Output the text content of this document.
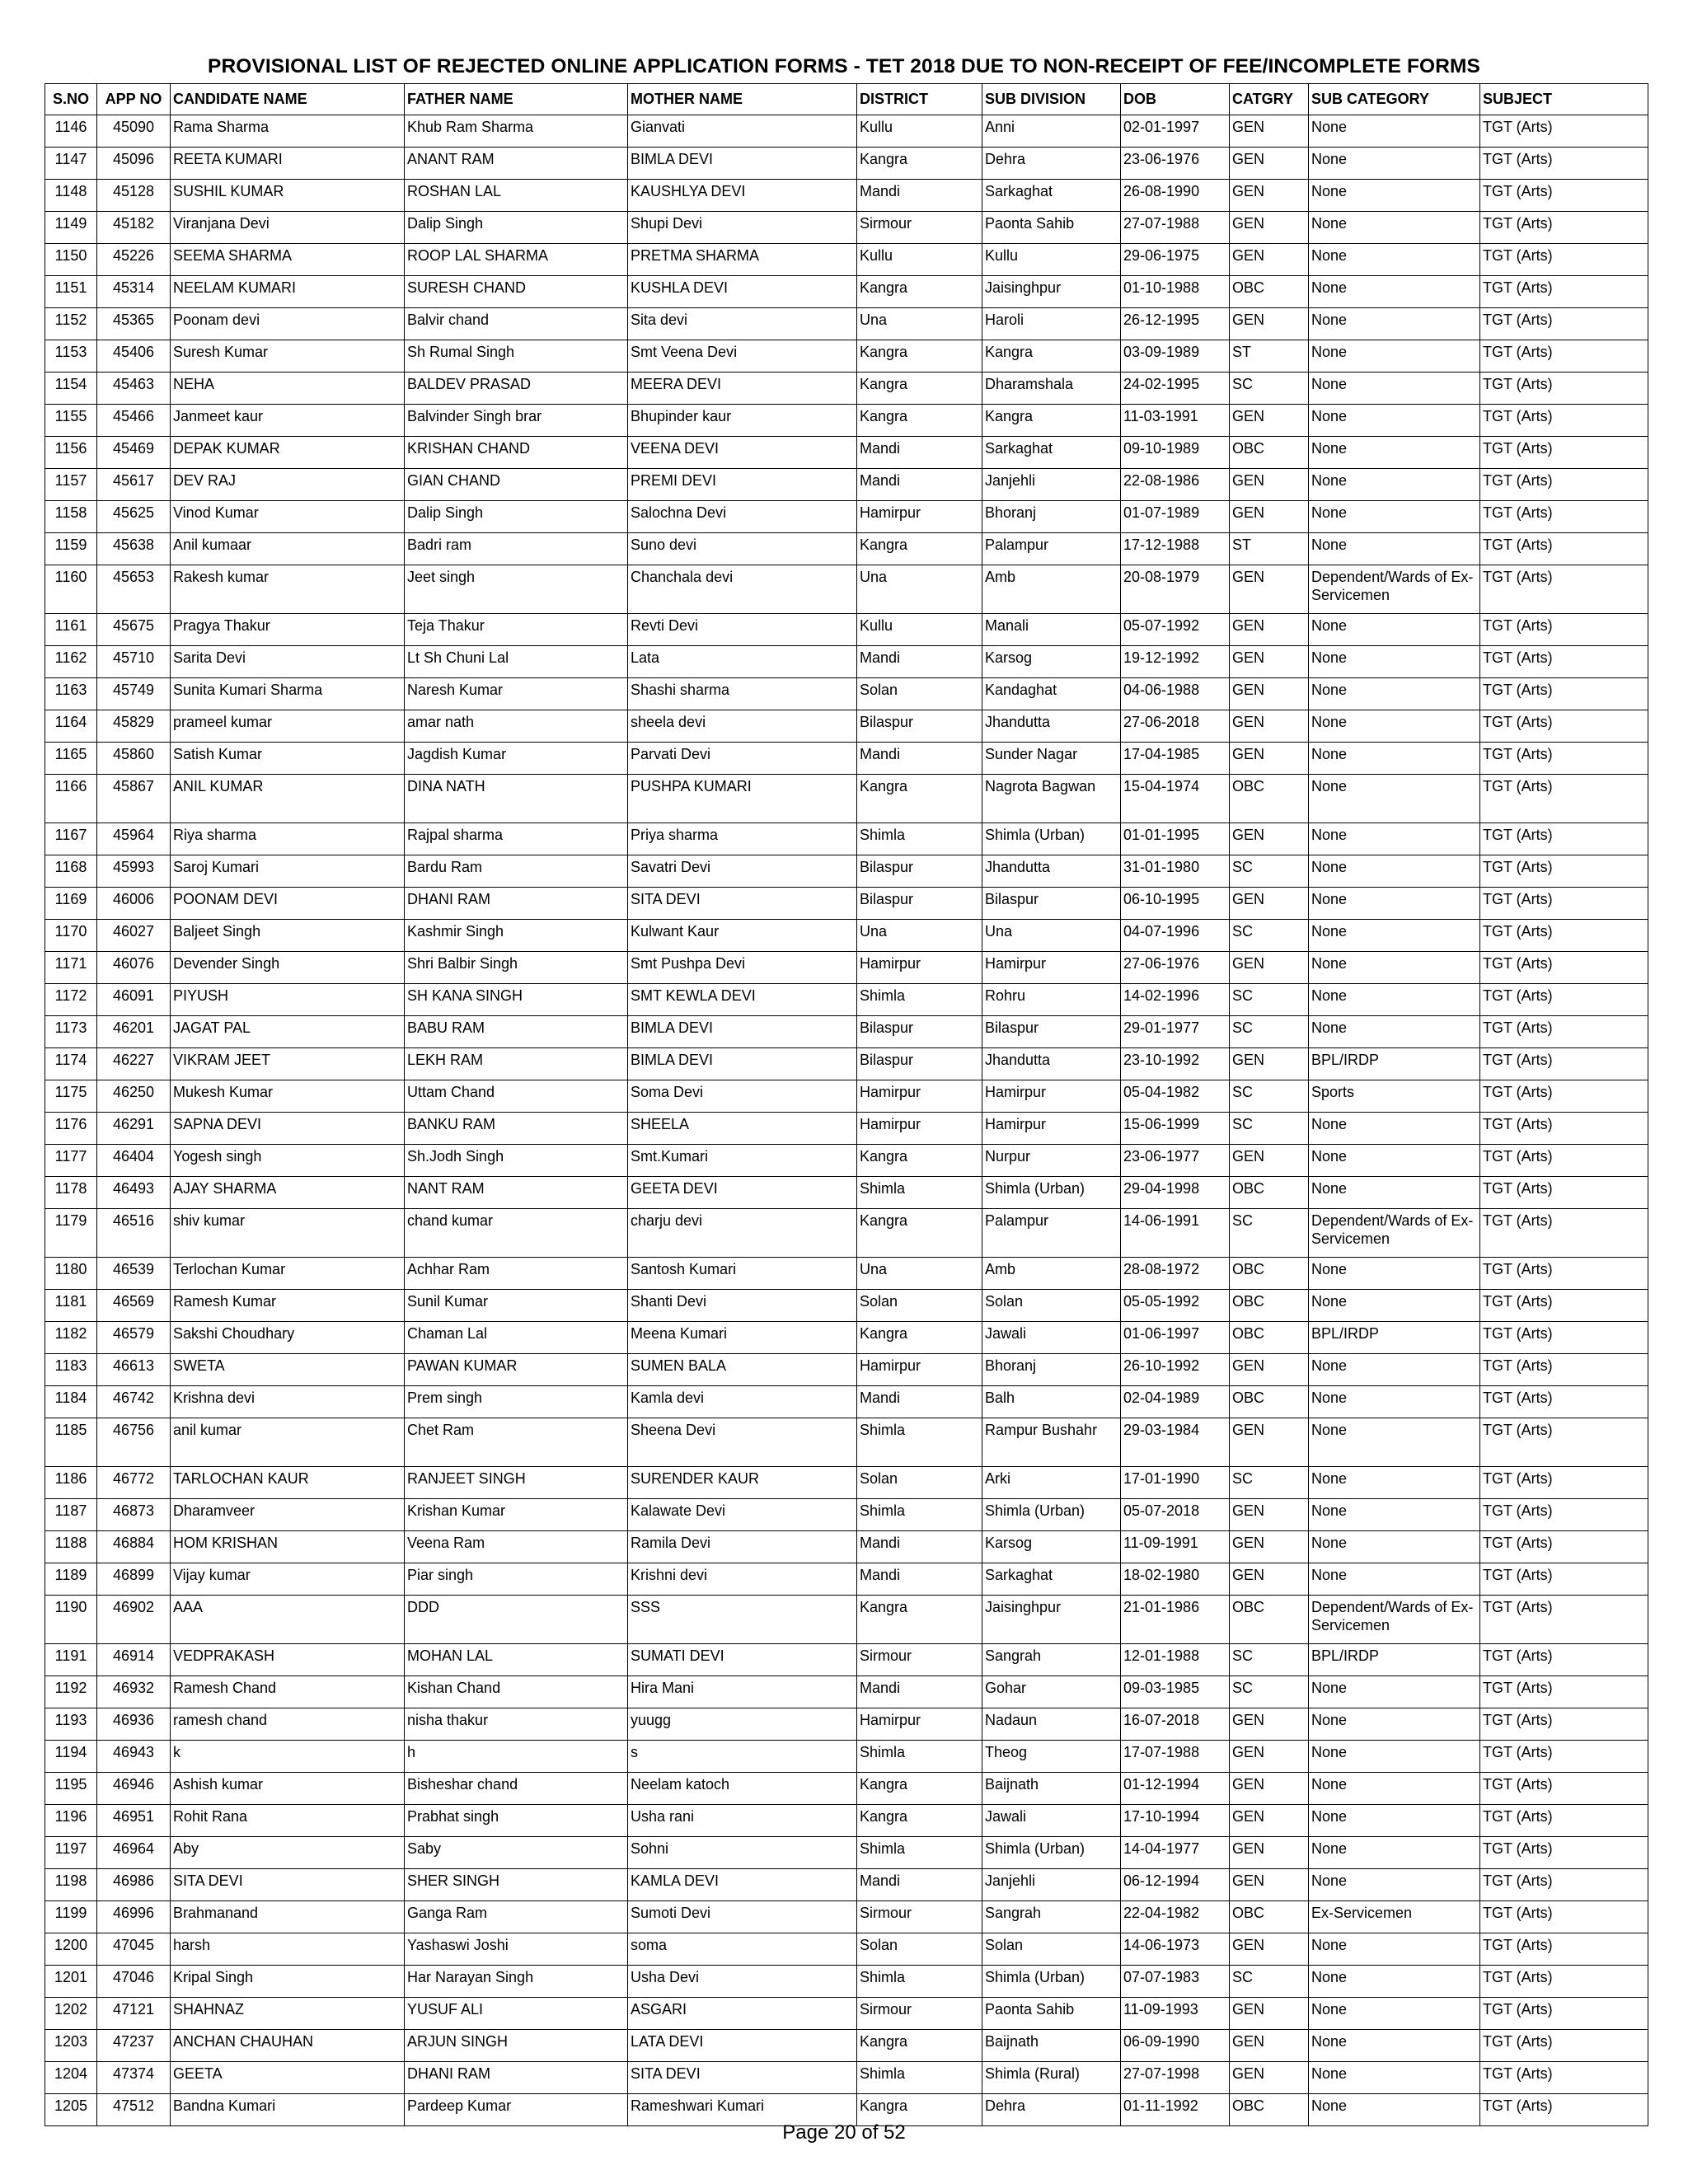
PROVISIONAL LIST OF REJECTED ONLINE APPLICATION FORMS - TET 2018 DUE TO NON-RECEIPT OF FEE/INCOMPLETE FORMS
S.NO	APP NO	CANDIDATE NAME	FATHER NAME	MOTHER NAME	DISTRICT	SUB DIVISION	DOB	CATGRY	SUB CATEGORY	SUBJECT
1146	45090	Rama Sharma	Khub Ram Sharma	Gianvati	Kullu	Anni	02-01-1997	GEN	None	TGT (Arts)
1147	45096	REETA KUMARI	ANANT RAM	BIMLA DEVI	Kangra	Dehra	23-06-1976	GEN	None	TGT (Arts)
1148	45128	SUSHIL KUMAR	ROSHAN LAL	KAUSHLYA DEVI	Mandi	Sarkaghat	26-08-1990	GEN	None	TGT (Arts)
1149	45182	Viranjana Devi	Dalip Singh	Shupi Devi	Sirmour	Paonta Sahib	27-07-1988	GEN	None	TGT (Arts)
1150	45226	SEEMA SHARMA	ROOP LAL SHARMA	PRETMA SHARMA	Kullu	Kullu	29-06-1975	GEN	None	TGT (Arts)
1151	45314	NEELAM KUMARI	SURESH CHAND	KUSHLA DEVI	Kangra	Jaisinghpur	01-10-1988	OBC	None	TGT (Arts)
1152	45365	Poonam devi	Balvir chand	Sita devi	Una	Haroli	26-12-1995	GEN	None	TGT (Arts)
1153	45406	Suresh Kumar	Sh Rumal Singh	Smt Veena Devi	Kangra	Kangra	03-09-1989	ST	None	TGT (Arts)
1154	45463	NEHA	BALDEV PRASAD	MEERA DEVI	Kangra	Dharamshala	24-02-1995	SC	None	TGT (Arts)
1155	45466	Janmeet kaur	Balvinder Singh brar	Bhupinder kaur	Kangra	Kangra	11-03-1991	GEN	None	TGT (Arts)
1156	45469	DEPAK KUMAR	KRISHAN CHAND	VEENA DEVI	Mandi	Sarkaghat	09-10-1989	OBC	None	TGT (Arts)
1157	45617	DEV RAJ	GIAN CHAND	PREMI DEVI	Mandi	Janjehli	22-08-1986	GEN	None	TGT (Arts)
1158	45625	Vinod Kumar	Dalip Singh	Salochna Devi	Hamirpur	Bhoranj	01-07-1989	GEN	None	TGT (Arts)
1159	45638	Anil kumaar	Badri ram	Suno devi	Kangra	Palampur	17-12-1988	ST	None	TGT (Arts)
1160	45653	Rakesh kumar	Jeet singh	Chanchala devi	Una	Amb	20-08-1979	GEN	Dependent/Wards of Ex-Servicemen	TGT (Arts)
1161	45675	Pragya Thakur	Teja Thakur	Revti Devi	Kullu	Manali	05-07-1992	GEN	None	TGT (Arts)
1162	45710	Sarita Devi	Lt Sh Chuni Lal	Lata	Mandi	Karsog	19-12-1992	GEN	None	TGT (Arts)
1163	45749	Sunita Kumari Sharma	Naresh Kumar	Shashi sharma	Solan	Kandaghat	04-06-1988	GEN	None	TGT (Arts)
1164	45829	prameel kumar	amar nath	sheela devi	Bilaspur	Jhandutta	27-06-2018	GEN	None	TGT (Arts)
1165	45860	Satish Kumar	Jagdish Kumar	Parvati Devi	Mandi	Sunder Nagar	17-04-1985	GEN	None	TGT (Arts)
1166	45867	ANIL KUMAR	DINA NATH	PUSHPA KUMARI	Kangra	Nagrota Bagwan	15-04-1974	OBC	None	TGT (Arts)
1167	45964	Riya sharma	Rajpal sharma	Priya sharma	Shimla	Shimla (Urban)	01-01-1995	GEN	None	TGT (Arts)
1168	45993	Saroj Kumari	Bardu Ram	Savatri Devi	Bilaspur	Jhandutta	31-01-1980	SC	None	TGT (Arts)
1169	46006	POONAM DEVI	DHANI RAM	SITA DEVI	Bilaspur	Bilaspur	06-10-1995	GEN	None	TGT (Arts)
1170	46027	Baljeet Singh	Kashmir Singh	Kulwant Kaur	Una	Una	04-07-1996	SC	None	TGT (Arts)
1171	46076	Devender Singh	Shri Balbir Singh	Smt Pushpa Devi	Hamirpur	Hamirpur	27-06-1976	GEN	None	TGT (Arts)
1172	46091	PIYUSH	SH KANA SINGH	SMT KEWLA DEVI	Shimla	Rohru	14-02-1996	SC	None	TGT (Arts)
1173	46201	JAGAT PAL	BABU RAM	BIMLA DEVI	Bilaspur	Bilaspur	29-01-1977	SC	None	TGT (Arts)
1174	46227	VIKRAM JEET	LEKH RAM	BIMLA DEVI	Bilaspur	Jhandutta	23-10-1992	GEN	BPL/IRDP	TGT (Arts)
1175	46250	Mukesh Kumar	Uttam Chand	Soma Devi	Hamirpur	Hamirpur	05-04-1982	SC	Sports	TGT (Arts)
1176	46291	SAPNA DEVI	BANKU RAM	SHEELA	Hamirpur	Hamirpur	15-06-1999	SC	None	TGT (Arts)
1177	46404	Yogesh singh	Sh.Jodh Singh	Smt.Kumari	Kangra	Nurpur	23-06-1977	GEN	None	TGT (Arts)
1178	46493	AJAY SHARMA	NANT RAM	GEETA DEVI	Shimla	Shimla (Urban)	29-04-1998	OBC	None	TGT (Arts)
1179	46516	shiv kumar	chand kumar	charju devi	Kangra	Palampur	14-06-1991	SC	Dependent/Wards of Ex-Servicemen	TGT (Arts)
1180	46539	Terlochan Kumar	Achhar Ram	Santosh Kumari	Una	Amb	28-08-1972	OBC	None	TGT (Arts)
1181	46569	Ramesh Kumar	Sunil Kumar	Shanti Devi	Solan	Solan	05-05-1992	OBC	None	TGT (Arts)
1182	46579	Sakshi Choudhary	Chaman Lal	Meena Kumari	Kangra	Jawali	01-06-1997	OBC	BPL/IRDP	TGT (Arts)
1183	46613	SWETA	PAWAN KUMAR	SUMEN BALA	Hamirpur	Bhoranj	26-10-1992	GEN	None	TGT (Arts)
1184	46742	Krishna devi	Prem singh	Kamla devi	Mandi	Balh	02-04-1989	OBC	None	TGT (Arts)
1185	46756	anil kumar	Chet Ram	Sheena Devi	Shimla	Rampur Bushahr	29-03-1984	GEN	None	TGT (Arts)
1186	46772	TARLOCHAN KAUR	RANJEET SINGH	SURENDER KAUR	Solan	Arki	17-01-1990	SC	None	TGT (Arts)
1187	46873	Dharamveer	Krishan Kumar	Kalawate Devi	Shimla	Shimla (Urban)	05-07-2018	GEN	None	TGT (Arts)
1188	46884	HOM KRISHAN	Veena Ram	Ramila Devi	Mandi	Karsog	11-09-1991	GEN	None	TGT (Arts)
1189	46899	Vijay kumar	Piar singh	Krishni devi	Mandi	Sarkaghat	18-02-1980	GEN	None	TGT (Arts)
1190	46902	AAA	DDD	SSS	Kangra	Jaisinghpur	21-01-1986	OBC	Dependent/Wards of Ex-Servicemen	TGT (Arts)
1191	46914	VEDPRAKASH	MOHAN LAL	SUMATI DEVI	Sirmour	Sangrah	12-01-1988	SC	BPL/IRDP	TGT (Arts)
1192	46932	Ramesh Chand	Kishan Chand	Hira Mani	Mandi	Gohar	09-03-1985	SC	None	TGT (Arts)
1193	46936	ramesh chand	nisha thakur	yuugg	Hamirpur	Nadaun	16-07-2018	GEN	None	TGT (Arts)
1194	46943	k	h	s	Shimla	Theog	17-07-1988	GEN	None	TGT (Arts)
1195	46946	Ashish kumar	Bisheshar chand	Neelam katoch	Kangra	Baijnath	01-12-1994	GEN	None	TGT (Arts)
1196	46951	Rohit Rana	Prabhat singh	Usha rani	Kangra	Jawali	17-10-1994	GEN	None	TGT (Arts)
1197	46964	Aby	Saby	Sohni	Shimla	Shimla (Urban)	14-04-1977	GEN	None	TGT (Arts)
1198	46986	SITA DEVI	SHER SINGH	KAMLA DEVI	Mandi	Janjehli	06-12-1994	GEN	None	TGT (Arts)
1199	46996	Brahmanand	Ganga Ram	Sumoti Devi	Sirmour	Sangrah	22-04-1982	OBC	Ex-Servicemen	TGT (Arts)
1200	47045	harsh	Yashaswi Joshi	soma	Solan	Solan	14-06-1973	GEN	None	TGT (Arts)
1201	47046	Kripal Singh	Har Narayan Singh	Usha Devi	Shimla	Shimla (Urban)	07-07-1983	SC	None	TGT (Arts)
1202	47121	SHAHNAZ	YUSUF ALI	ASGARI	Sirmour	Paonta Sahib	11-09-1993	GEN	None	TGT (Arts)
1203	47237	ANCHAN CHAUHAN	ARJUN SINGH	LATA DEVI	Kangra	Baijnath	06-09-1990	GEN	None	TGT (Arts)
1204	47374	GEETA	DHANI RAM	SITA DEVI	Shimla	Shimla (Rural)	27-07-1998	GEN	None	TGT (Arts)
1205	47512	Bandna Kumari	Pardeep Kumar	Rameshwari Kumari	Kangra	Dehra	01-11-1992	OBC	None	TGT (Arts)
Page 20 of 52
